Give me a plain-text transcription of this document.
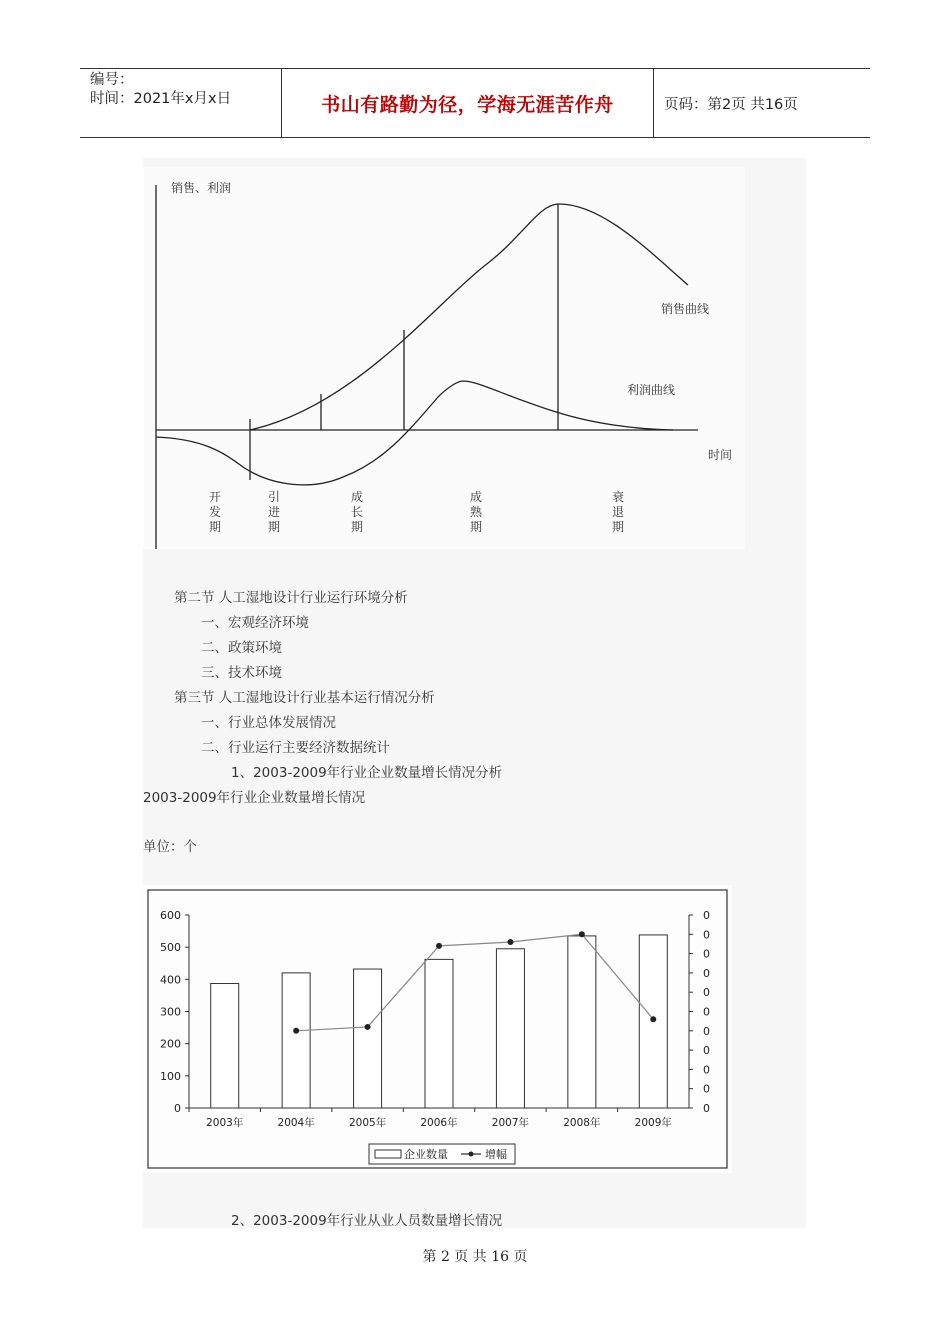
编号：
时间：2021年x月x日	书山有路勤为径，学海无涯苦作舟	页码：第2页 共16页
销售、利润
时间
销售曲线
利润曲线
开
发
期
引
进
期
成
长
期
成
熟
期
衰
退
期
第二节 人工湿地设计行业运行环境分析
一、宏观经济环境
二、政策环境
三、技术环境
第三节 人工湿地设计行业基本运行情况分析
一、行业总体发展情况
二、行业运行主要经济数据统计
1、2003-2009年行业企业数量增长情况分析
2003-2009年行业企业数量增长情况
单位：个
600
500
400
300
200
100
0
0
0
0
0
0
0
0
0
0
0
0
2003年	2004年	2005年	2006年	2007年	2008年	2009年
企业数量	增幅
2、2003-2009年行业从业人员数量增长情况
第 2 页 共 16 页
